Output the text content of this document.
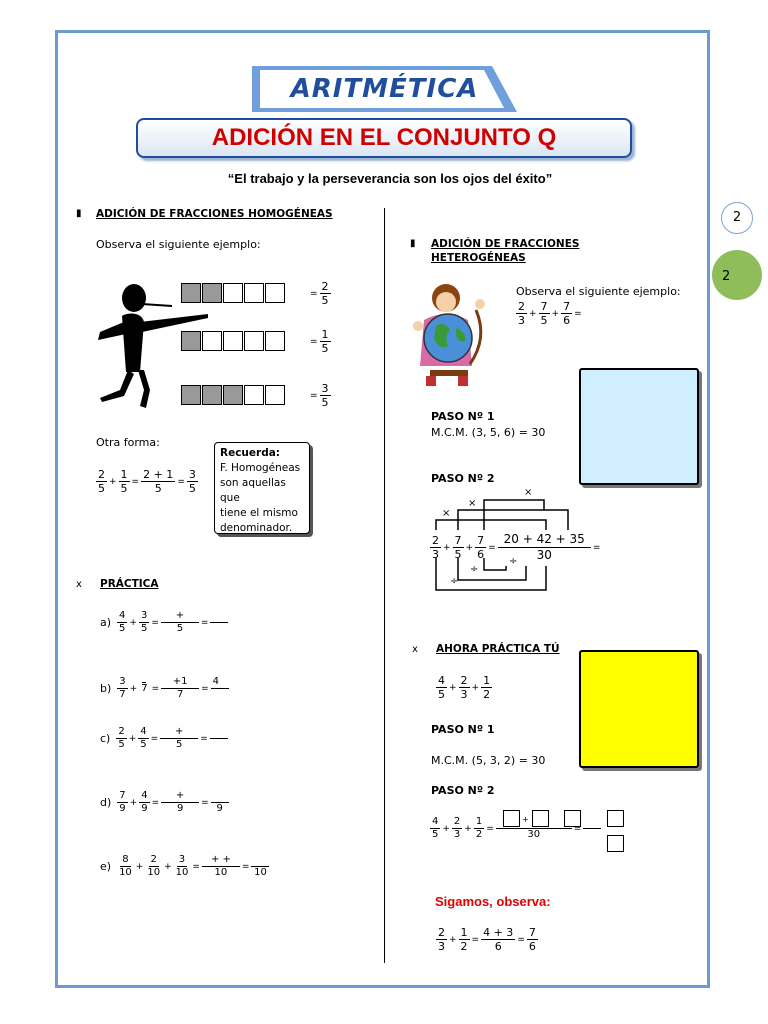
ARITMÉTICA
ADICIÓN EN EL CONJUNTO Q
“El trabajo y la perseverancia son los ojos del éxito”
2
2
▮ ADICIÓN DE FRACCIONES HOMOGÉNEAS
Observa el siguiente ejemplo:
= $\frac{2}{5}$
= $\frac{1}{5}$
= $\frac{3}{5}$
Otra forma:
$\frac{2}{5} + \frac{1}{5} = \frac{2 + 1}{5} = \frac{3}{5}$
Recuerda:
F. Homogéneas
son aquellas que
tiene el mismo
denominador.
x PRÁCTICA
$a) \frac{4}{5} + \frac{3}{5} = \frac{+}{5}$ =
$b) \frac{3}{7} + 7 = \frac{+1}{7}$ =
4
$c) \frac{2}{5} + \frac{4}{5} = \frac{+}{5}$ =
$d) \frac{7}{9} + \frac{4}{9} = \frac{+}{9}$ =
9
$e) \frac{8}{10} + \frac{2}{10} + \frac{3}{10} = \frac{+ +}{10}$ =
10
▮ ADICIÓN DE FRACCIONES
HETEROGÉNEAS
Observa el siguiente ejemplo:
$\frac{2}{3} + \frac{7}{5} + \frac{7}{6}$ =
PASO Nº 1
M.C.M. (3, 5, 6) = 30
PASO Nº 2
×
×
×
$\frac{2}{3} + \frac{7}{5} + \frac{7}{6} = \frac{20 + 42 + 35}{30}$ =
÷
÷
÷
x AHORA PRÁCTICA TÚ
$\frac{4}{5} + \frac{2}{3} + \frac{1}{2}$
PASO Nº 1
M.C.M. (5, 3, 2) = 30
PASO Nº 2
$\frac{4}{5} + \frac{2}{3} + \frac{1}{2}$ =
30
=
+
Sigamos, observa:
$\frac{2}{3} + \frac{1}{2} = \frac{4 + 3}{6} = \frac{7}{6}$
